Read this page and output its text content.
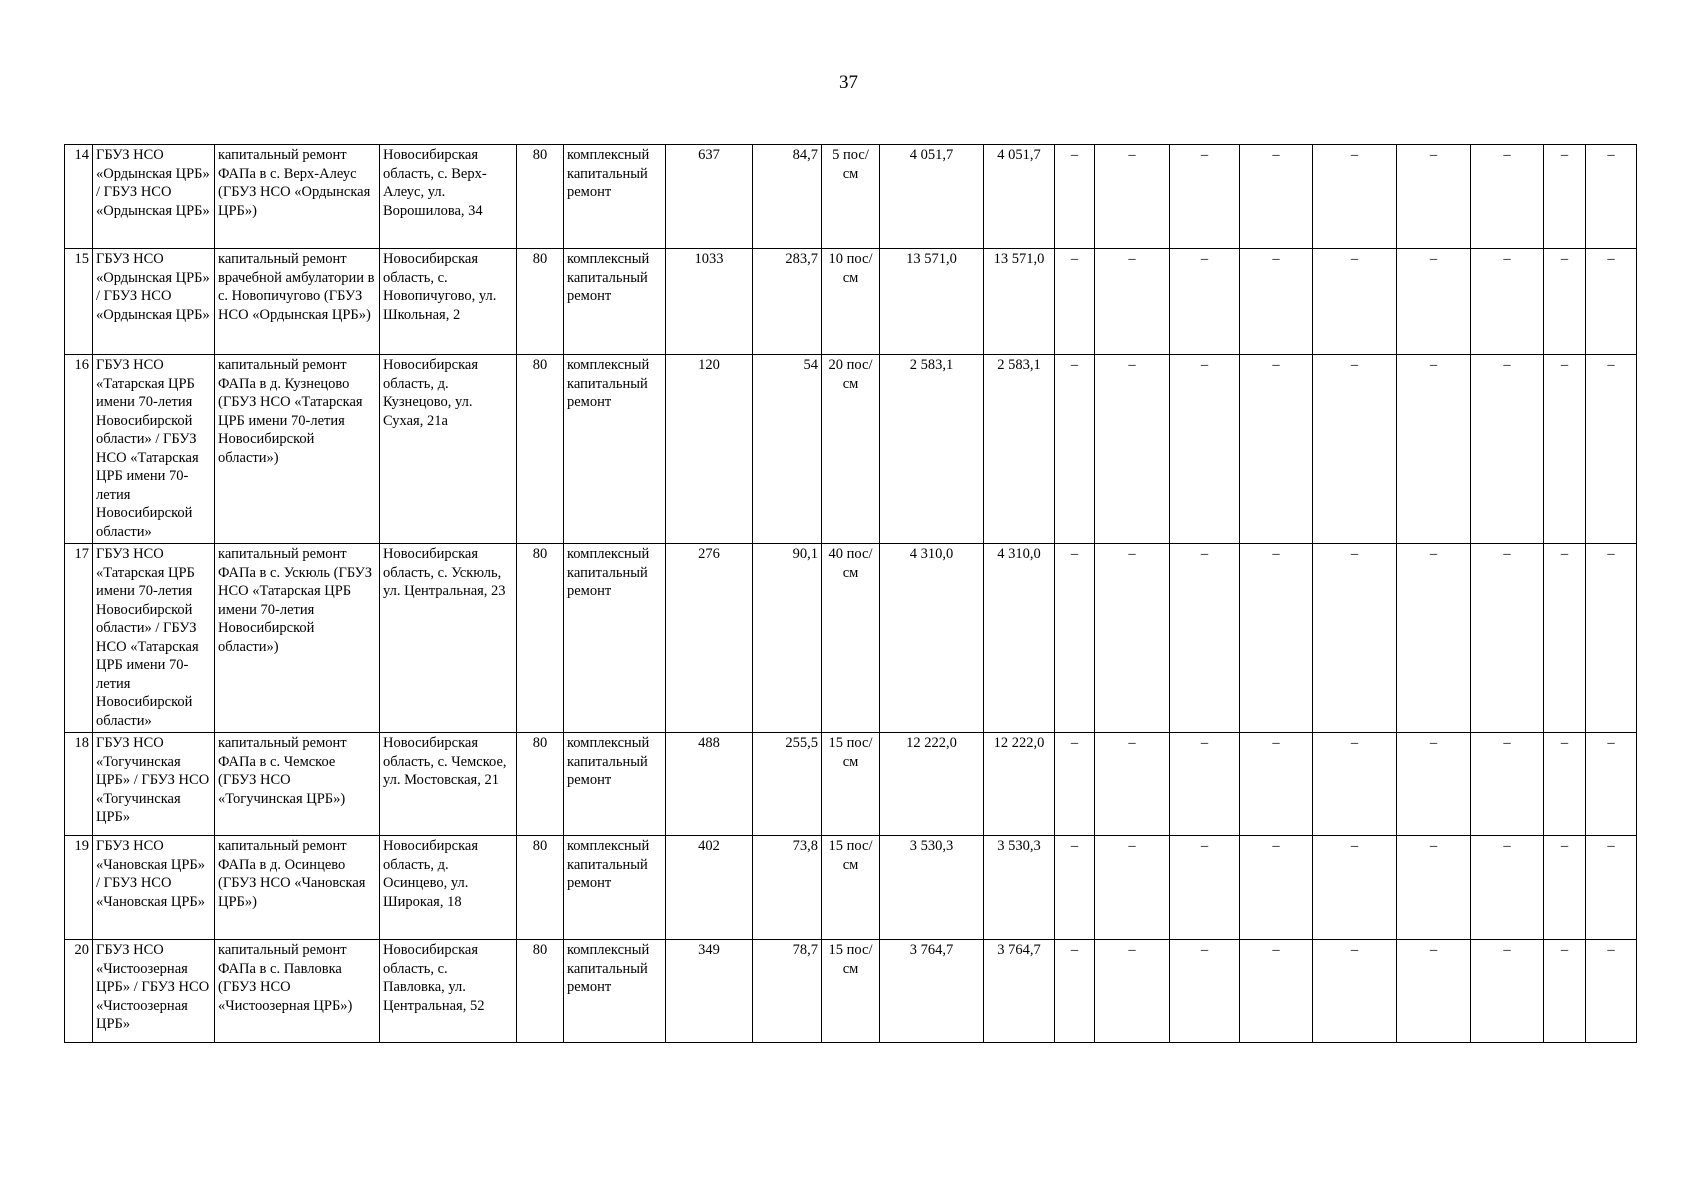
37
14	ГБУЗ НСО «Ордынская ЦРБ» / ГБУЗ НСО «Ордынская ЦРБ»	капитальный ремонт ФАПа в с. Верх-Алеус (ГБУЗ НСО «Ордынская ЦРБ»)	Новосибирская область, с. Верх-Алеус, ул. Ворошилова, 34	80	комплексный капитальный ремонт	637	84,7	5 пос/см	4 051,7	4 051,7	–	–	–	–	–	–	–	–	–	
15	ГБУЗ НСО «Ордынская ЦРБ» / ГБУЗ НСО «Ордынская ЦРБ»	капитальный ремонт врачебной амбулатории в с. Новопичугово (ГБУЗ НСО «Ордынская ЦРБ»)	Новосибирская область, с. Новопичугово, ул. Школьная, 2	80	комплексный капитальный ремонт	1033	283,7	10 пос/см	13 571,0	13 571,0	–	–	–	–	–	–	–	–	–	
16	ГБУЗ НСО «Татарская ЦРБ имени 70-летия Новосибирской области» / ГБУЗ НСО «Татарская ЦРБ имени 70-летия Новосибирской области»	капитальный ремонт ФАПа в д. Кузнецово (ГБУЗ НСО «Татарская ЦРБ имени 70-летия Новосибирской области»)	Новосибирская область, д. Кузнецово, ул. Сухая, 21а	80	комплексный капитальный ремонт	120	54	20 пос/см	2 583,1	2 583,1	–	–	–	–	–	–	–	–	–	
17	ГБУЗ НСО «Татарская ЦРБ имени 70-летия Новосибирской области» / ГБУЗ НСО «Татарская ЦРБ имени 70-летия Новосибирской области»	капитальный ремонт ФАПа в с. Ускюль (ГБУЗ НСО «Татарская ЦРБ имени 70-летия Новосибирской области»)	Новосибирская область, с. Ускюль, ул. Центральная, 23	80	комплексный капитальный ремонт	276	90,1	40 пос/см	4 310,0	4 310,0	–	–	–	–	–	–	–	–	–	
18	ГБУЗ НСО «Тогучинская ЦРБ» / ГБУЗ НСО «Тогучинская ЦРБ»	капитальный ремонт ФАПа в с. Чемское (ГБУЗ НСО «Тогучинская ЦРБ»)	Новосибирская область, с. Чемское, ул. Мостовская, 21	80	комплексный капитальный ремонт	488	255,5	15 пос/см	12 222,0	12 222,0	–	–	–	–	–	–	–	–	–	
19	ГБУЗ НСО «Чановская ЦРБ» / ГБУЗ НСО «Чановская ЦРБ»	капитальный ремонт ФАПа в д. Осинцево (ГБУЗ НСО «Чановская ЦРБ»)	Новосибирская область, д. Осинцево, ул. Широкая, 18	80	комплексный капитальный ремонт	402	73,8	15 пос/см	3 530,3	3 530,3	–	–	–	–	–	–	–	–	–	
20	ГБУЗ НСО «Чистоозерная ЦРБ» / ГБУЗ НСО «Чистоозерная ЦРБ»	капитальный ремонт ФАПа в с. Павловка (ГБУЗ НСО «Чистоозерная ЦРБ»)	Новосибирская область, с. Павловка, ул. Центральная, 52	80	комплексный капитальный ремонт	349	78,7	15 пос/см	3 764,7	3 764,7	–	–	–	–	–	–	–	–	–	
